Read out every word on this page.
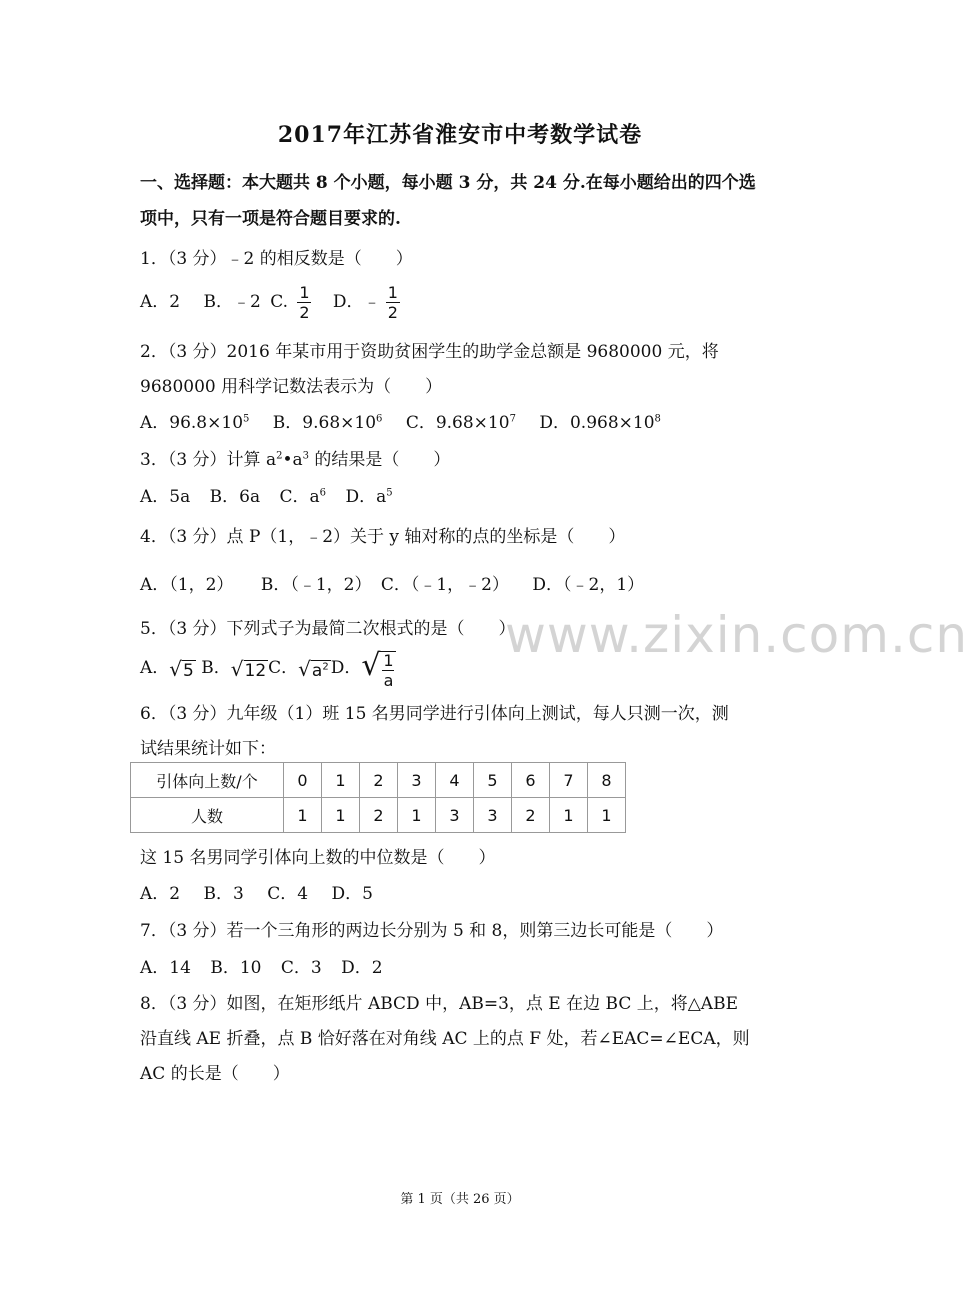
2017年江苏省淮安市中考数学试卷
一、选择题：本大题共 8 个小题，每小题 3 分，共 24 分.在每小题给出的四个选
项中，只有一项是符合题目要求的.
1．（3 分）﹣2 的相反数是（　　）
A．2 B．﹣2 C. $\frac{1}{2}$ D．﹣ $\frac{1}{2}$
2．（3 分）2016 年某市用于资助贫困学生的助学金总额是 9680000 元，将
9680000 用科学记数法表示为（　　）
A．$96.8\times 10^5$ B．$9.68\times 10^6$ C．$9.68\times 10^7$ D．$0.968\times 10^8$
3．（3 分）计算 $a^2•a^3$ 的结果是（　　）
A．5a B．6a C．$a^6$ D．$a^5$
4．（3 分）点 P（1，﹣2）关于 y 轴对称的点的坐标是（　　）
A．（1，2） B．（﹣1，2） C．（﹣1，﹣2） D．（﹣2，1）
5．（3 分）下列式子为最简二次根式的是（　　）
A．√5 B．√12 C．$√a^2$ D．√ $\frac{1}{a}$
6．（3 分）九年级（1）班 15 名男同学进行引体向上测试，每人只测一次，测
试结果统计如下：
引体向上数/个	0	1	2	3	4	5	6	7	8
人数	1	1	2	1	3	3	2	1	1
这 15 名男同学引体向上数的中位数是（　　）
A．2 B．3 C．4 D．5
7．（3 分）若一个三角形的两边长分别为 5 和 8，则第三边长可能是（　　）
A．14 B．10 C．3 D．2
8．（3 分）如图，在矩形纸片 ABCD 中，AB=3，点 E 在边 BC 上，将△ABE
沿直线 AE 折叠，点 B 恰好落在对角线 AC 上的点 F 处，若∠EAC=∠ECA，则
AC 的长是（　　）
www.zixin.com.cn
第 1 页（共 26 页）
